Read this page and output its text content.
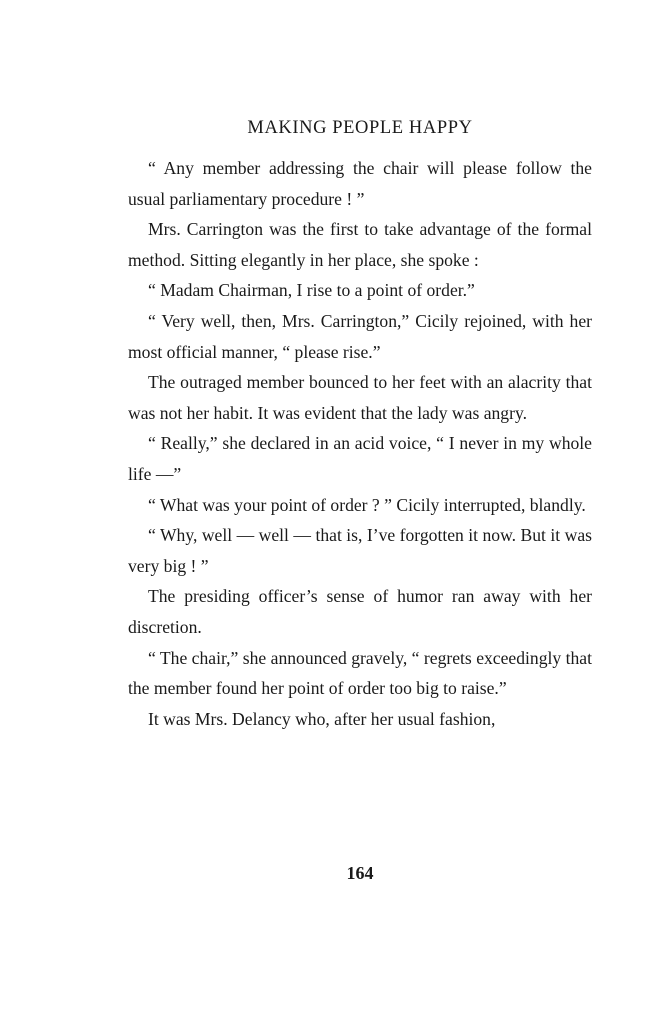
MAKING PEOPLE HAPPY

“ Any member addressing the chair will please follow the usual parliamentary procedure ! ”

Mrs. Carrington was the first to take advantage of the formal method. Sitting elegantly in her place, she spoke :

“ Madam Chairman, I rise to a point of order.”

“ Very well, then, Mrs. Carrington,” Cicily rejoined, with her most official manner, “ please rise.”

The outraged member bounced to her feet with an alacrity that was not her habit. It was evident that the lady was angry.

“ Really,” she declared in an acid voice, “ I never in my whole life —”

“ What was your point of order ? ” Cicily interrupted, blandly.

“ Why, well — well — that is, I’ve forgotten it now. But it was very big ! ”

The presiding officer’s sense of humor ran away with her discretion.

“ The chair,” she announced gravely, “ regrets exceedingly that the member found her point of order too big to raise.”

It was Mrs. Delancy who, after her usual fashion,

164
